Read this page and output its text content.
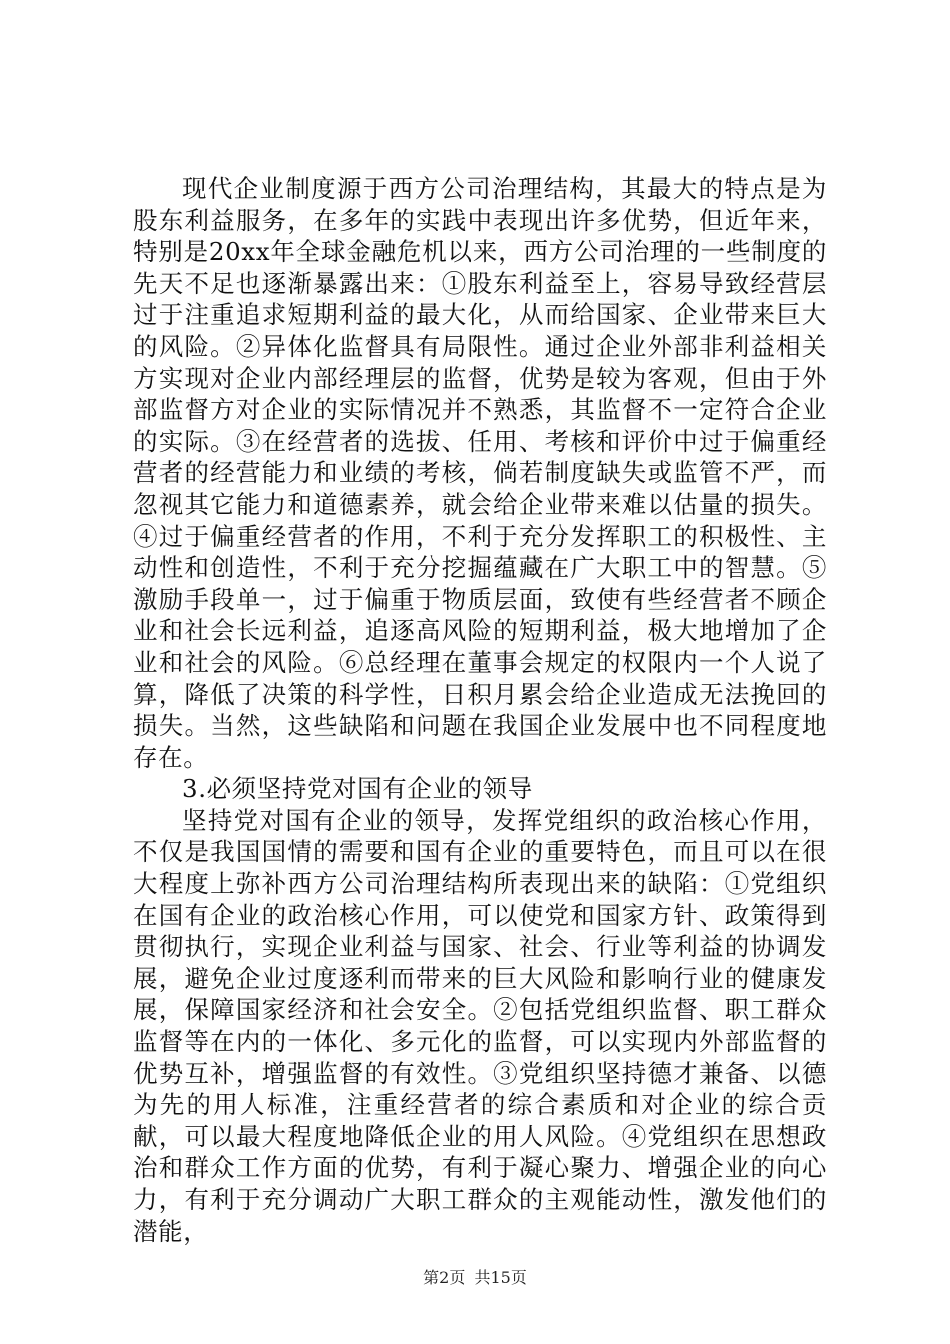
现代企业制度源于西方公司治理结构，其最大的特点是为股东利益服务，在多年的实践中表现出许多优势，但近年来，特别是20xx年全球金融危机以来，西方公司治理的一些制度的先天不足也逐渐暴露出来：①股东利益至上，容易导致经营层过于注重追求短期利益的最大化，从而给国家、企业带来巨大的风险。②异体化监督具有局限性。通过企业外部非利益相关方实现对企业内部经理层的监督，优势是较为客观，但由于外部监督方对企业的实际情况并不熟悉，其监督不一定符合企业的实际。③在经营者的选拔、任用、考核和评价中过于偏重经营者的经营能力和业绩的考核，倘若制度缺失或监管不严，而忽视其它能力和道德素养，就会给企业带来难以估量的损失。④过于偏重经营者的作用，不利于充分发挥职工的积极性、主动性和创造性，不利于充分挖掘蕴藏在广大职工中的智慧。⑤激励手段单一，过于偏重于物质层面，致使有些经营者不顾企业和社会长远利益，追逐高风险的短期利益，极大地增加了企业和社会的风险。⑥总经理在董事会规定的权限内一个人说了算，降低了决策的科学性，日积月累会给企业造成无法挽回的损失。当然，这些缺陷和问题在我国企业发展中也不同程度地存在。

3.必须坚持党对国有企业的领导

坚持党对国有企业的领导，发挥党组织的政治核心作用，不仅是我国国情的需要和国有企业的重要特色，而且可以在很大程度上弥补西方公司治理结构所表现出来的缺陷：①党组织在国有企业的政治核心作用，可以使党和国家方针、政策得到贯彻执行，实现企业利益与国家、社会、行业等利益的协调发展，避免企业过度逐利而带来的巨大风险和影响行业的健康发展，保障国家经济和社会安全。②包括党组织监督、职工群众监督等在内的一体化、多元化的监督，可以实现内外部监督的优势互补，增强监督的有效性。③党组织坚持德才兼备、以德为先的用人标准，注重经营者的综合素质和对企业的综合贡献，可以最大程度地降低企业的用人风险。④党组织在思想政治和群众工作方面的优势，有利于凝心聚力、增强企业的向心力，有利于充分调动广大职工群众的主观能动性，激发他们的潜能，

第2页 共15页
